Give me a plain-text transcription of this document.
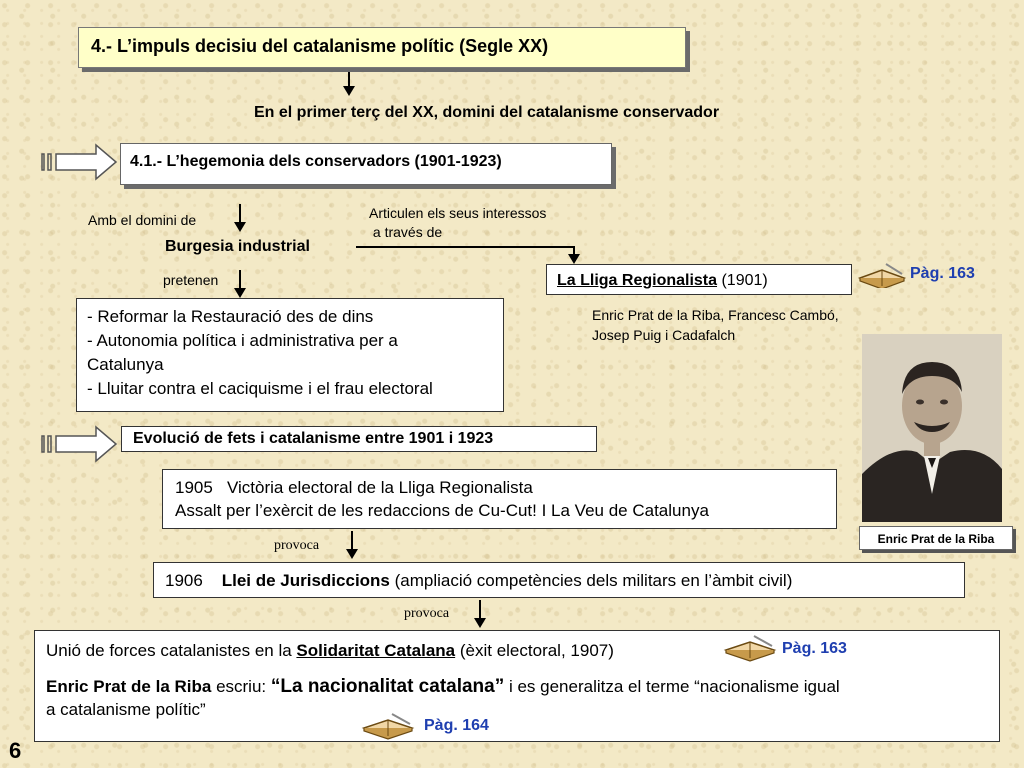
4.- L’impuls decisiu del catalanisme polític (Segle XX)
En el primer terç del XX, domini del catalanisme conservador
4.1.- L’hegemonia dels conservadors (1901-1923)
Amb el domini de
Burgesia industrial
Articulen els seus interessos
a través de
pretenen	La Lliga Regionalista (1901)	Pàg. 163
Enric Prat de la Riba, Francesc Cambó,
Josep Puig i Cadafalch
- Reformar la Restauració des de dins
- Autonomia política i administrativa per a
Catalunya
- Lluitar contra el caciquisme i el frau electoral
Enric Prat de la Riba
Evolució de fets i catalanisme entre 1901 i 1923
1905   Victòria electoral de la Lliga Regionalista
Assalt per l’exèrcit de les redaccions de Cu-Cut! I La Veu de Catalunya
provoca
1906    Llei de Jurisdiccions (ampliació competències dels militars en l’àmbit civil)
provoca
Unió de forces catalanistes en la Solidaritat Catalana (èxit electoral, 1907)
Enric Prat de la Riba escriu: “La nacionalitat catalana” i es generalitza el terme “nacionalisme igual
a catalanisme polític”
Pàg. 163
Pàg. 164
6
